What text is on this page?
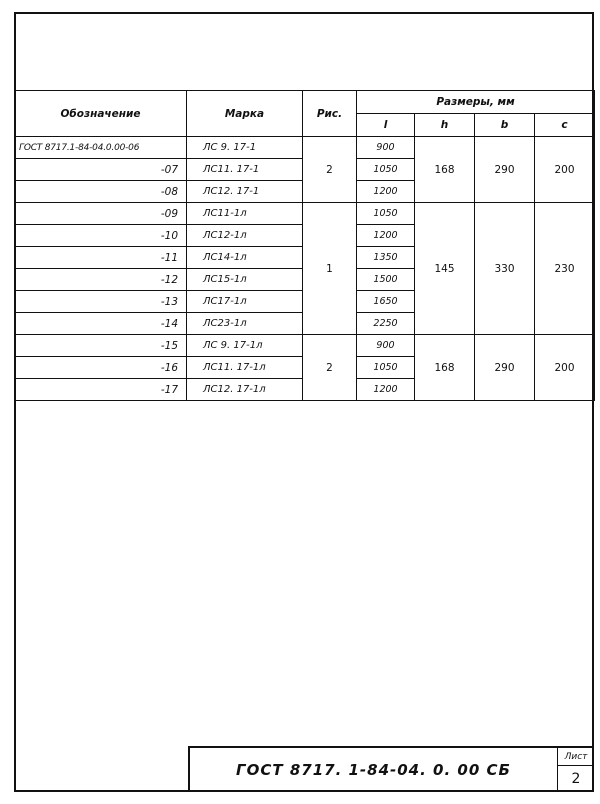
Обозначение	Марка	Рис.	Размеры, мм			
			l	h	b	c
ГОСТ 8717.1-84-04.0.00-06	ЛС 9. 17-1	2	900	168	290	200
-07	ЛС11. 17-1		1050			
-08	ЛС12. 17-1		1200			
-09	ЛС11-1л	1	1050	145	330	230
-10	ЛС12-1л		1200			
-11	ЛС14-1л		1350			
-12	ЛС15-1л		1500			
-13	ЛС17-1л		1650			
-14	ЛС23-1л		2250			
-15	ЛС 9. 17-1л	2	900	168	290	200
-16	ЛС11. 17-1л		1050			
-17	ЛС12. 17-1л		1200			
ГОСТ 8717. 1-84-04. 0. 00 СБ
Лист
2
